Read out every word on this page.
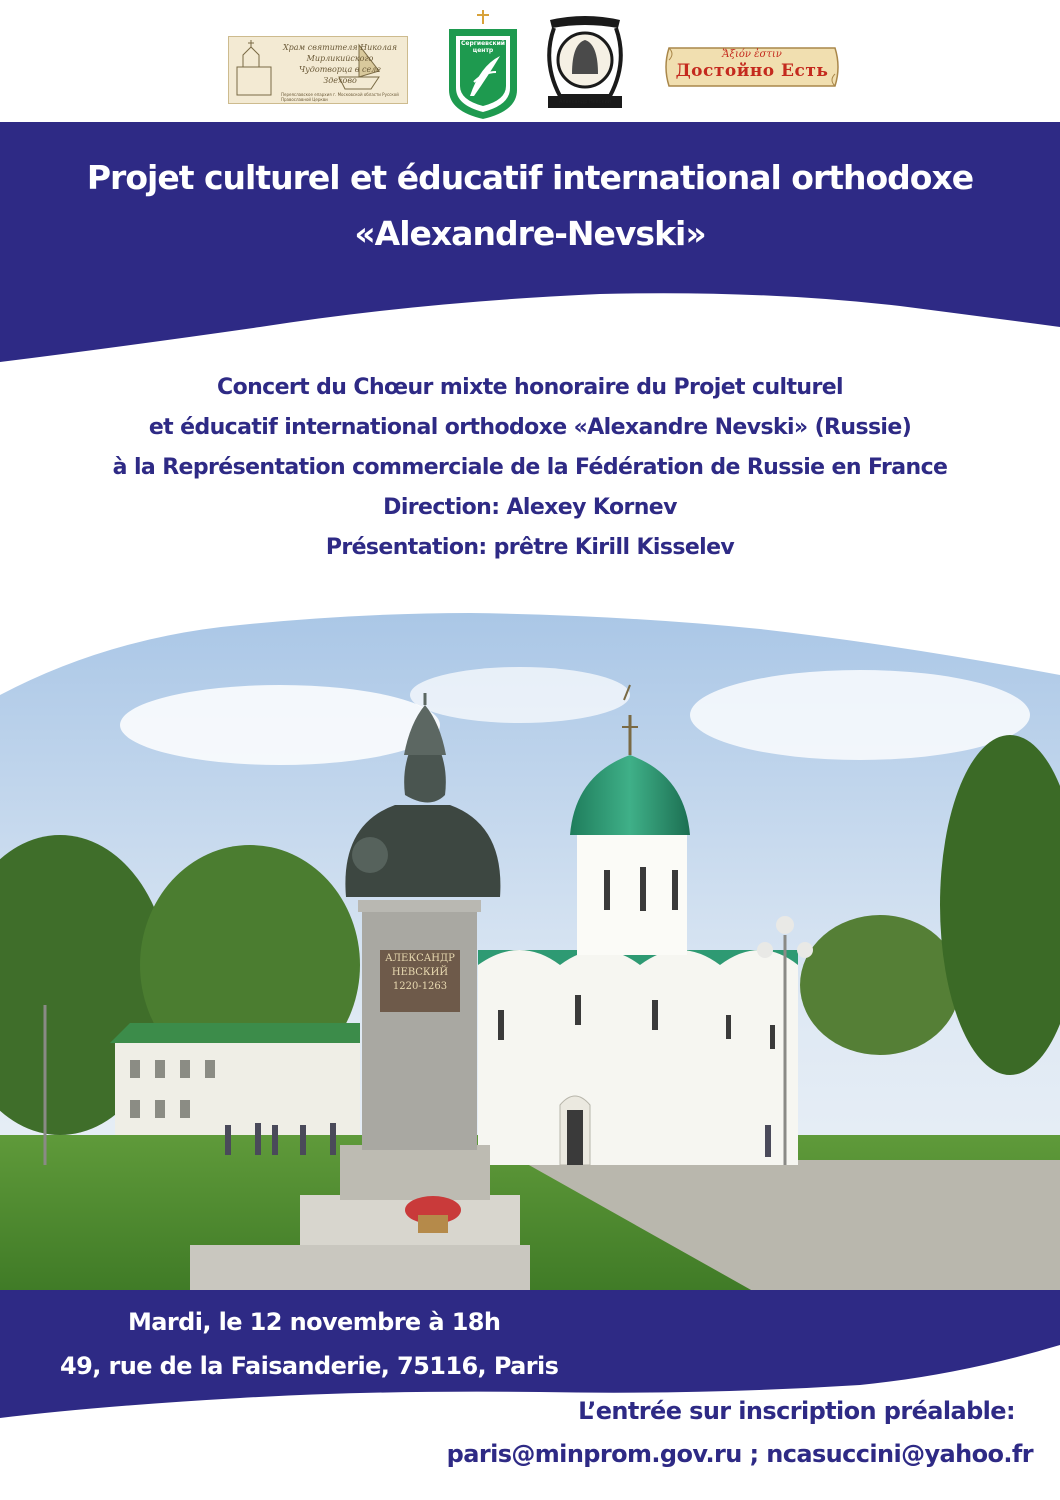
Храм святителя Николая Мирликийского Чудотворца в селе Здехово
Переяславское епархия г. Московской области Русской Православной Церкви
Сергиевский центр
Александр Невский
Ἄξιόν ἐστιν
Достойно Есть
Projet culturel et éducatif international orthodoxe
«Alexandre-Nevski»
Concert du Chœur mixte honoraire du Projet culturel
et éducatif international orthodoxe «Alexandre Nevski» (Russie)
à la Représentation commerciale de la Fédération de Russie en France
Direction: Alexey Kornev
Présentation: prêtre Kirill Kisselev
АЛЕКСАНДР
НЕВСКИЙ
1220-1263
Mardi, le 12 novembre à 18h
49, rue de la Faisanderie, 75116, Paris
L’entrée sur inscription préalable:
paris@minprom.gov.ru ; ncasuccini@yahoo.fr
